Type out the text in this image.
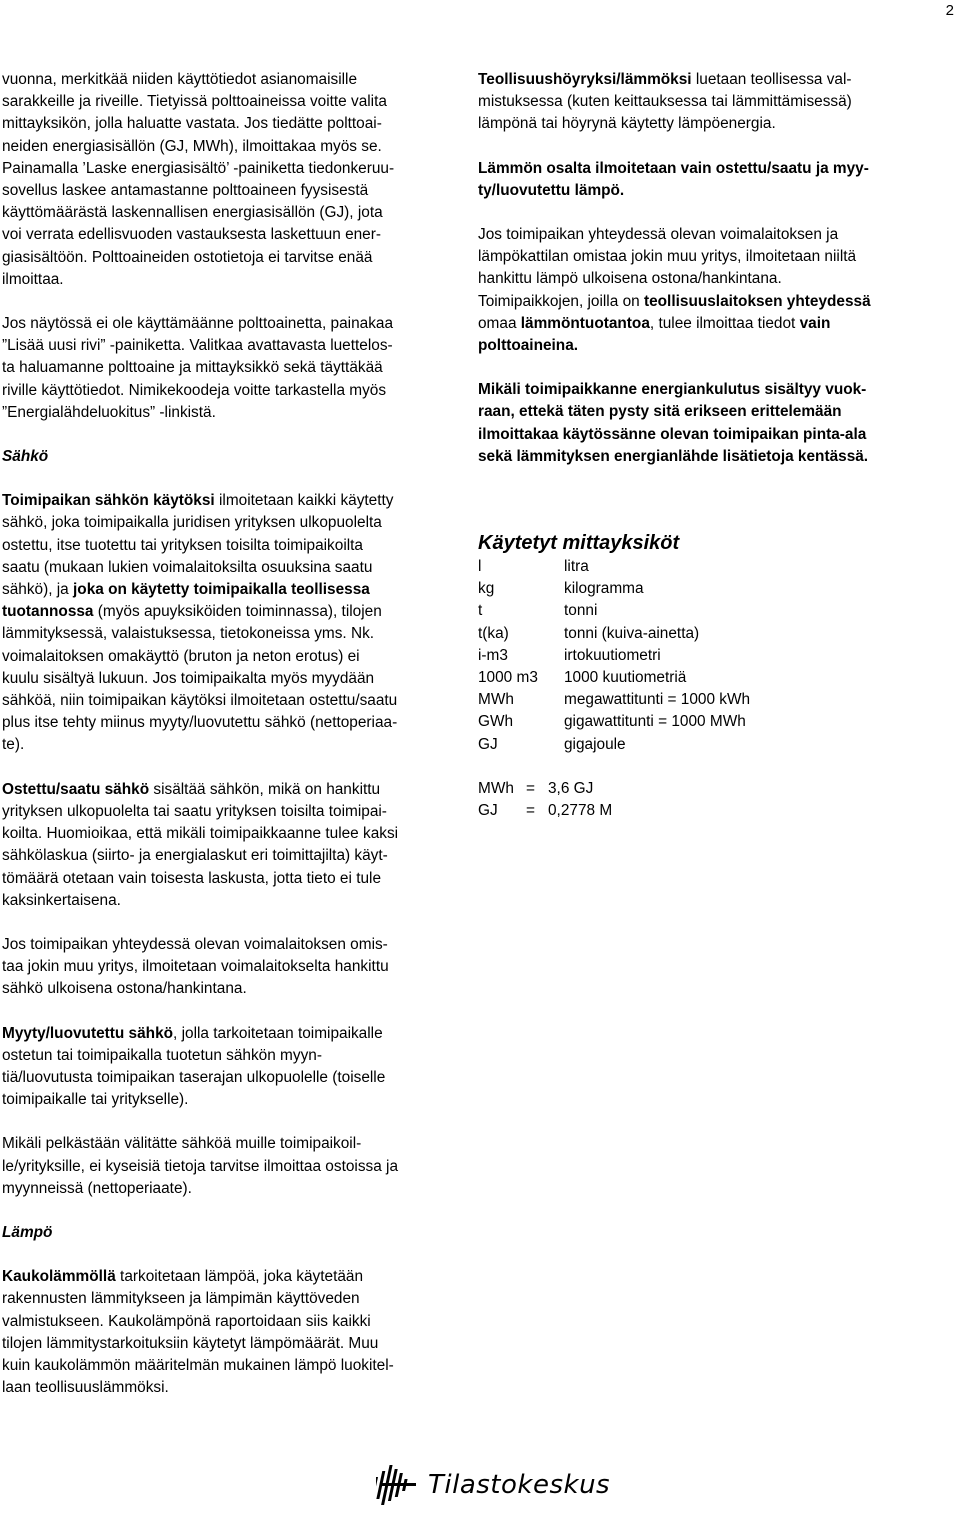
2

vuonna, merkitkää niiden käyttötiedot asianomaisille
sarakkeille ja riveille. Tietyissä polttoaineissa voitte valita
mittayksikön, jolla haluatte vastata. Jos tiedätte polttoai-
neiden energiasisällön (GJ, MWh), ilmoittakaa myös se.
Painamalla ’Laske energiasisältö’ -painiketta tiedonkeruu-
sovellus laskee antamastanne polttoaineen fyysisestä
käyttömäärästä laskennallisen energiasisällön (GJ), jota
voi verrata edellisvuoden vastauksesta laskettuun ener-
giasisältöön. Polttoaineiden ostotietoja ei tarvitse enää
ilmoittaa.

Jos näytössä ei ole käyttämäänne polttoainetta, painakaa
”Lisää uusi rivi” -painiketta. Valitkaa avattavasta luettelos-
ta haluamanne polttoaine ja mittayksikkö sekä täyttäkää
riville käyttötiedot. Nimikekoodeja voitte tarkastella myös
”Energialähdeluokitus” -linkistä.

Sähkö

Toimipaikan sähkön käytöksi ilmoitetaan kaikki käytetty
sähkö, joka toimipaikalla juridisen yrityksen ulkopuolelta
ostettu, itse tuotettu tai yrityksen toisilta toimipaikoilta
saatu (mukaan lukien voimalaitoksilta osuuksina saatu
sähkö), ja joka on käytetty toimipaikalla teollisessa
tuotannossa (myös apuyksiköiden toiminnassa), tilojen
lämmityksessä, valaistuksessa, tietokoneissa yms. Nk.
voimalaitoksen omakäyttö (bruton ja neton erotus) ei
kuulu sisältyä lukuun. Jos toimipaikalta myös myydään
sähköä, niin toimipaikan käytöksi ilmoitetaan ostettu/saatu
plus itse tehty miinus myyty/luovutettu sähkö (nettoperiaa-
te).

Ostettu/saatu sähkö sisältää sähkön, mikä on hankittu
yrityksen ulkopuolelta tai saatu yrityksen toisilta toimipai-
koilta. Huomioikaa, että mikäli toimipaikkaanne tulee kaksi
sähkölaskua (siirto- ja energialaskut eri toimittajilta) käyt-
tömäärä otetaan vain toisesta laskusta, jotta tieto ei tule
kaksinkertaisena.

Jos toimipaikan yhteydessä olevan voimalaitoksen omis-
taa jokin muu yritys, ilmoitetaan voimalaitokselta hankittu
sähkö ulkoisena ostona/hankintana.

Myyty/luovutettu sähkö, jolla tarkoitetaan toimipaikalle
ostetun tai toimipaikalla tuotetun sähkön myyn-
tiä/luovutusta toimipaikan taserajan ulkopuolelle (toiselle
toimipaikalle tai yritykselle).

Mikäli pelkästään välitätte sähköä muille toimipaikoil-
le/yrityksille, ei kyseisiä tietoja tarvitse ilmoittaa ostoissa ja
myynneissä (nettoperiaate).

Lämpö

Kaukolämmöllä tarkoitetaan lämpöä, joka käytetään
rakennusten lämmitykseen ja lämpimän käyttöveden
valmistukseen. Kaukolämpönä raportoidaan siis kaikki
tilojen lämmitystarkoituksiin käytetyt lämpömäärät. Muu
kuin kaukolämmön määritelmän mukainen lämpö luokitel-
laan teollisuuslämmöksi.

Teollisuushöyryksi/lämmöksi luetaan teollisessa val-
mistuksessa (kuten keittauksessa tai lämmittämisessä)
lämpönä tai höyrynä käytetty lämpöenergia.

Lämmön osalta ilmoitetaan vain ostettu/saatu ja myy-
ty/luovutettu lämpö.

Jos toimipaikan yhteydessä olevan voimalaitoksen ja
lämpökattilan omistaa jokin muu yritys, ilmoitetaan niiltä
hankittu lämpö ulkoisena ostona/hankintana.

Toimipaikkojen, joilla on teollisuuslaitoksen yhteydessä
omaa lämmöntuotantoa, tulee ilmoittaa tiedot vain
polttoaineina.

Mikäli toimipaikkanne energiankulutus sisältyy vuok-
raan, ettekä täten pysty sitä erikseen erittelemään
ilmoittakaa käytössänne olevan toimipaikan pinta-ala
sekä lämmityksen energianlähde lisätietoja kentässä.

Käytetyt mittayksiköt

l	litra
kg	kilogramma
t	tonni
t(ka)	tonni (kuiva-ainetta)
i-m3	irtokuutiometri
1000 m3	1000 kuutiometriä
MWh	megawattitunti = 1000 kWh
GWh	gigawattitunti = 1000 MWh
GJ	gigajoule
MWh	=	3,6 GJ
GJ	=	0,2778 M
Tilastokeskus
